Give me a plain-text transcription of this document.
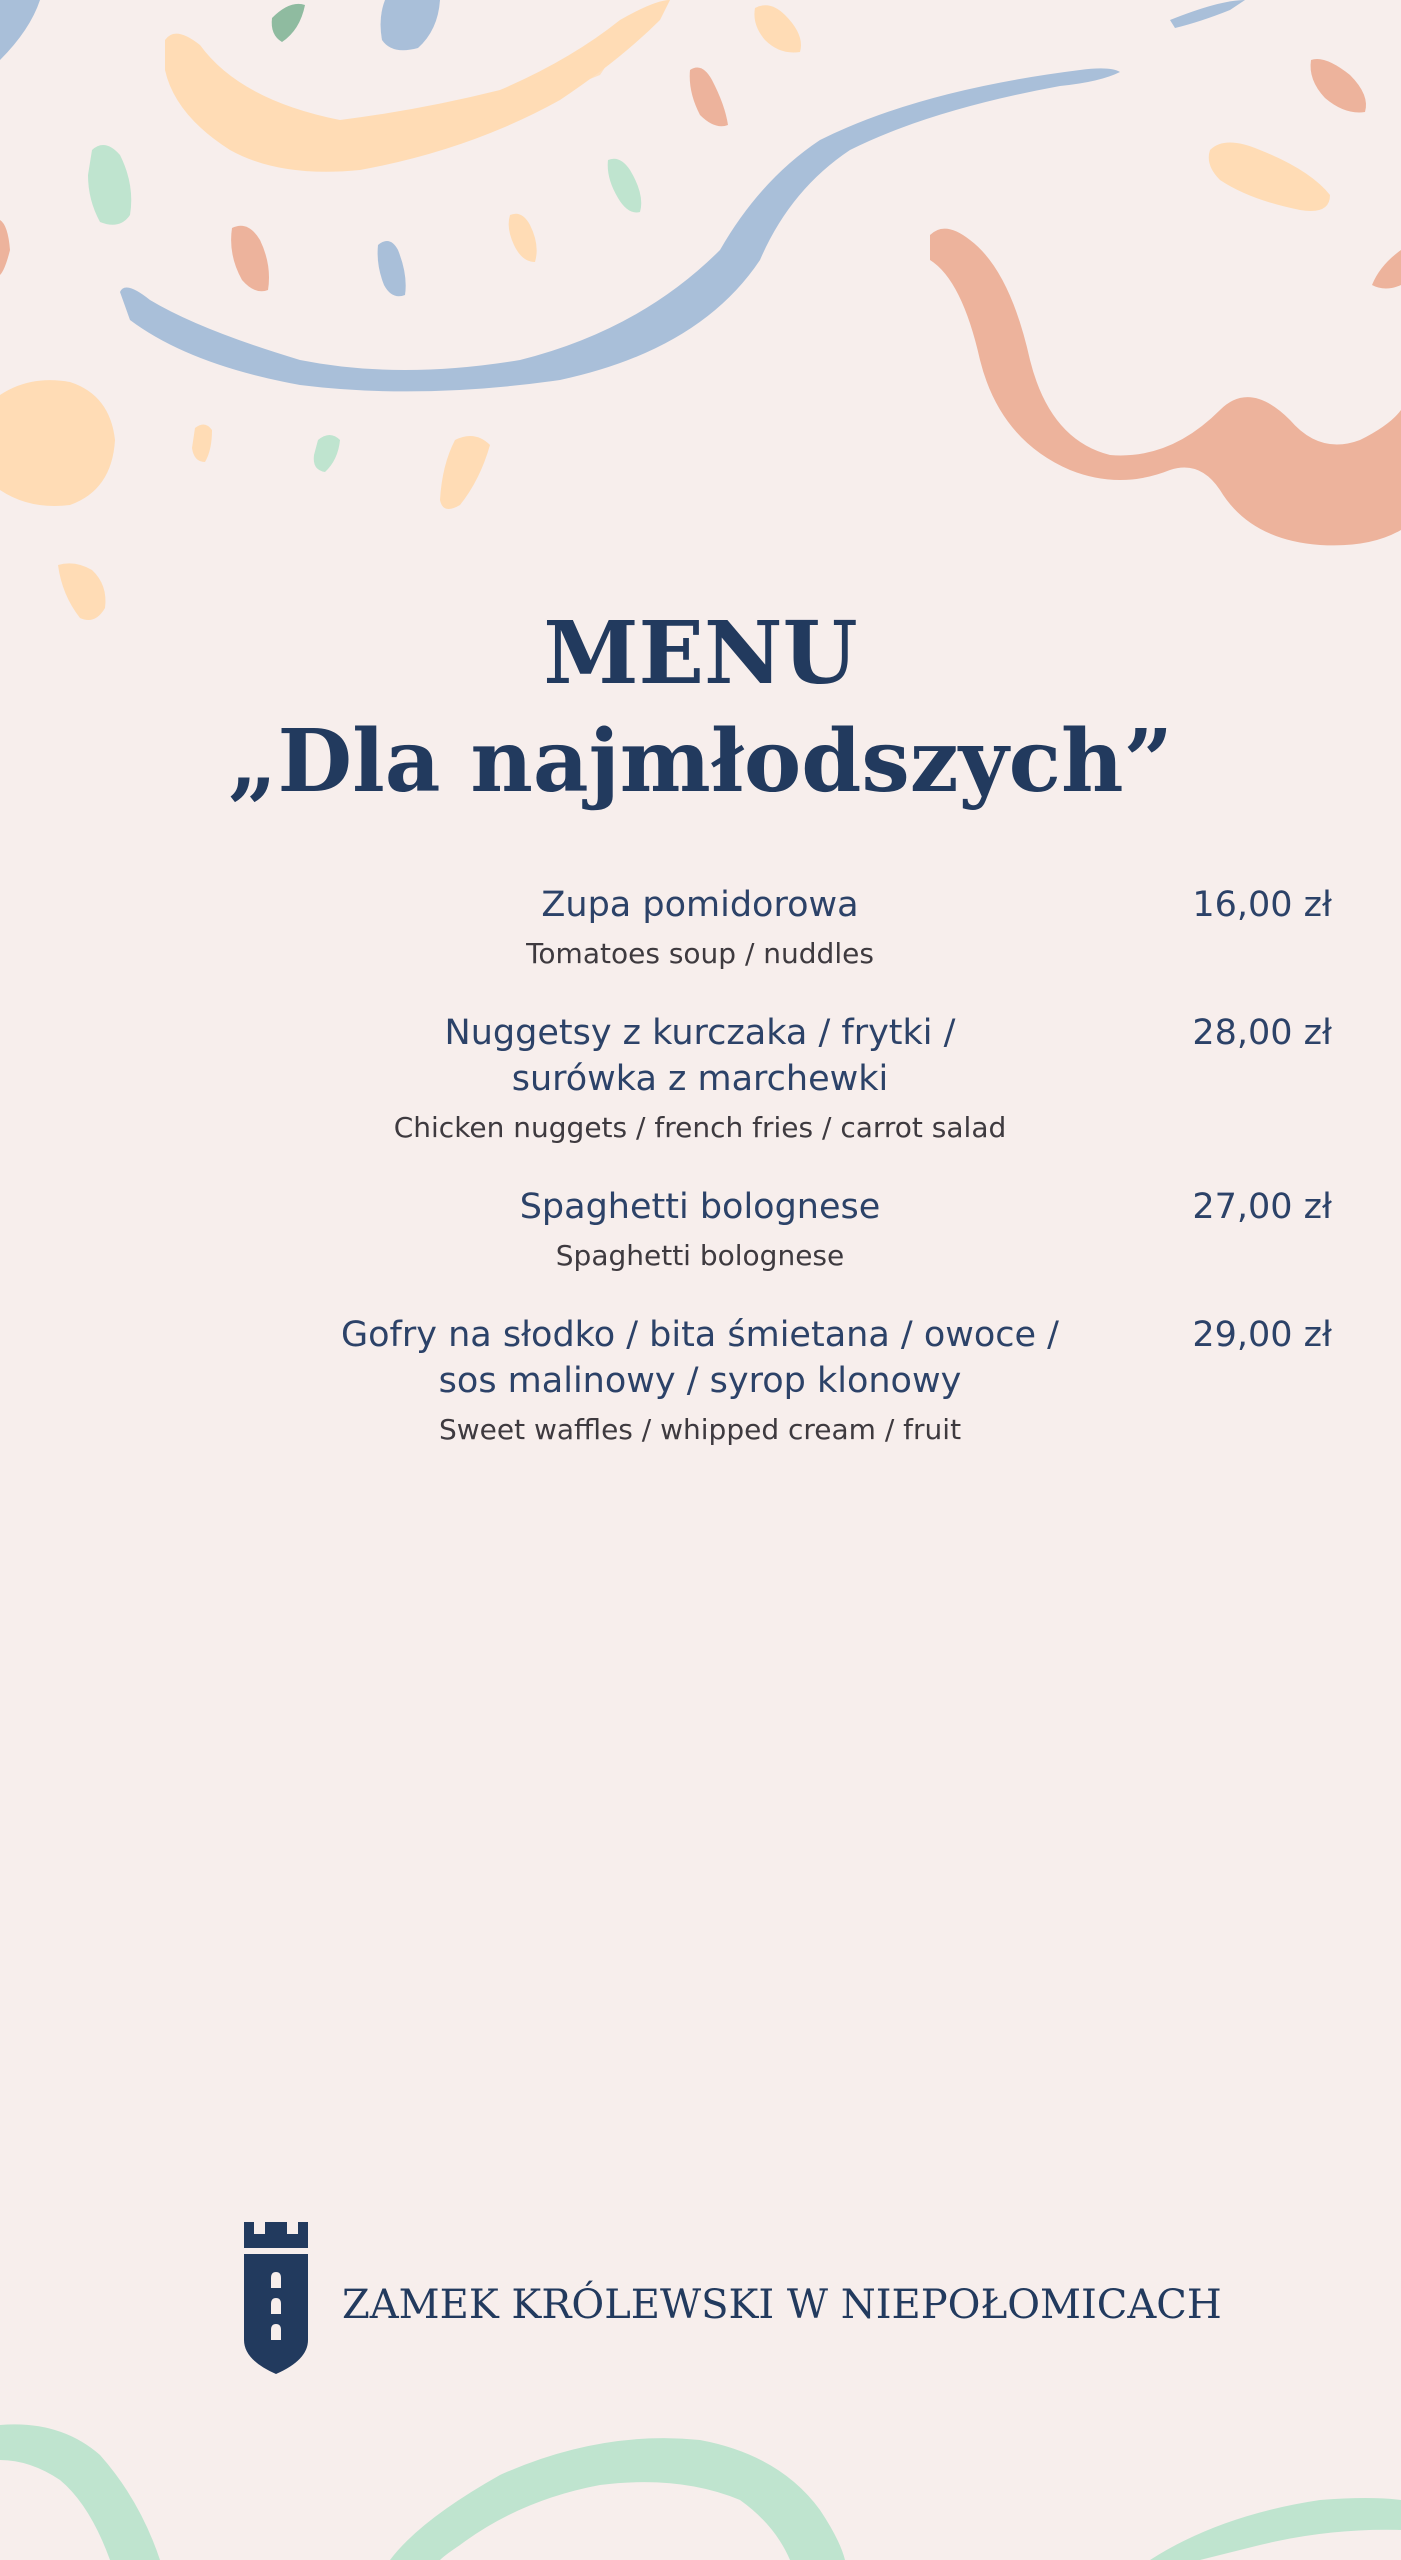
MENU
„Dla najmłodszych”
Zupa pomidorowa	16,00 zł
Tomatoes soup / nuddles
Nuggetsy z kurczaka / frytki /
surówka z marchewki
28,00 zł
Chicken nuggets / french fries / carrot salad
Spaghetti bolognese	27,00 zł
Spaghetti bolognese
Gofry na słodko / bita śmietana / owoce /
sos malinowy / syrop klonowy
29,00 zł
Sweet waffles / whipped cream / fruit
ZAMEK KRÓLEWSKI W NIEPOŁOMICACH
